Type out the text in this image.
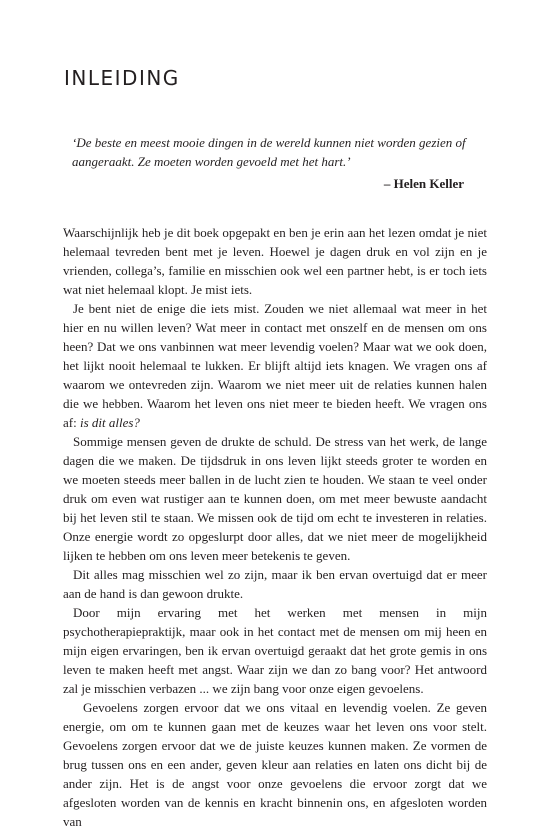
INLEIDING
‘De beste en meest mooie dingen in de wereld kunnen niet worden gezien of aangeraakt. Ze moeten worden gevoeld met het hart.’
– Helen Keller

Waarschijnlijk heb je dit boek opgepakt en ben je erin aan het lezen omdat je niet helemaal tevreden bent met je leven. Hoewel je dagen druk en vol zijn en je vrienden, collega’s, familie en misschien ook wel een partner hebt, is er toch iets wat niet helemaal klopt. Je mist iets.

Je bent niet de enige die iets mist. Zouden we niet allemaal wat meer in het hier en nu willen leven? Wat meer in contact met onszelf en de mensen om ons heen? Dat we ons vanbinnen wat meer levendig voelen? Maar wat we ook doen, het lijkt nooit helemaal te lukken. Er blijft altijd iets knagen. We vragen ons af waarom we ontevreden zijn. Waarom we niet meer uit de relaties kunnen halen die we hebben. Waarom het leven ons niet meer te bieden heeft. We vragen ons af: is dit alles?

Sommige mensen geven de drukte de schuld. De stress van het werk, de lange dagen die we maken. De tijdsdruk in ons leven lijkt steeds groter te worden en we moeten steeds meer ballen in de lucht zien te houden. We staan te veel onder druk om even wat rustiger aan te kunnen doen, om met meer bewuste aandacht bij het leven stil te staan. We missen ook de tijd om echt te investeren in relaties. Onze energie wordt zo opgeslurpt door alles, dat we niet meer de mogelijkheid lijken te hebben om ons leven meer betekenis te geven.

Dit alles mag misschien wel zo zijn, maar ik ben ervan overtuigd dat er meer aan de hand is dan gewoon drukte.

Door mijn ervaring met het werken met mensen in mijn psychotherapiepraktijk, maar ook in het contact met de mensen om mij heen en mijn eigen ervaringen, ben ik ervan overtuigd geraakt dat het grote gemis in ons leven te maken heeft met angst. Waar zijn we dan zo bang voor? Het antwoord zal je misschien verbazen ... we zijn bang voor onze eigen gevoelens.

Gevoelens zorgen ervoor dat we ons vitaal en levendig voelen. Ze geven energie, om om te kunnen gaan met de keuzes waar het leven ons voor stelt. Gevoelens zorgen ervoor dat we de juiste keuzes kunnen maken. Ze vormen de brug tussen ons en een ander, geven kleur aan relaties en laten ons dicht bij de ander zijn. Het is de angst voor onze gevoelens die ervoor zorgt dat we afgesloten worden van de kennis en kracht binnenin ons, en afgesloten worden van
